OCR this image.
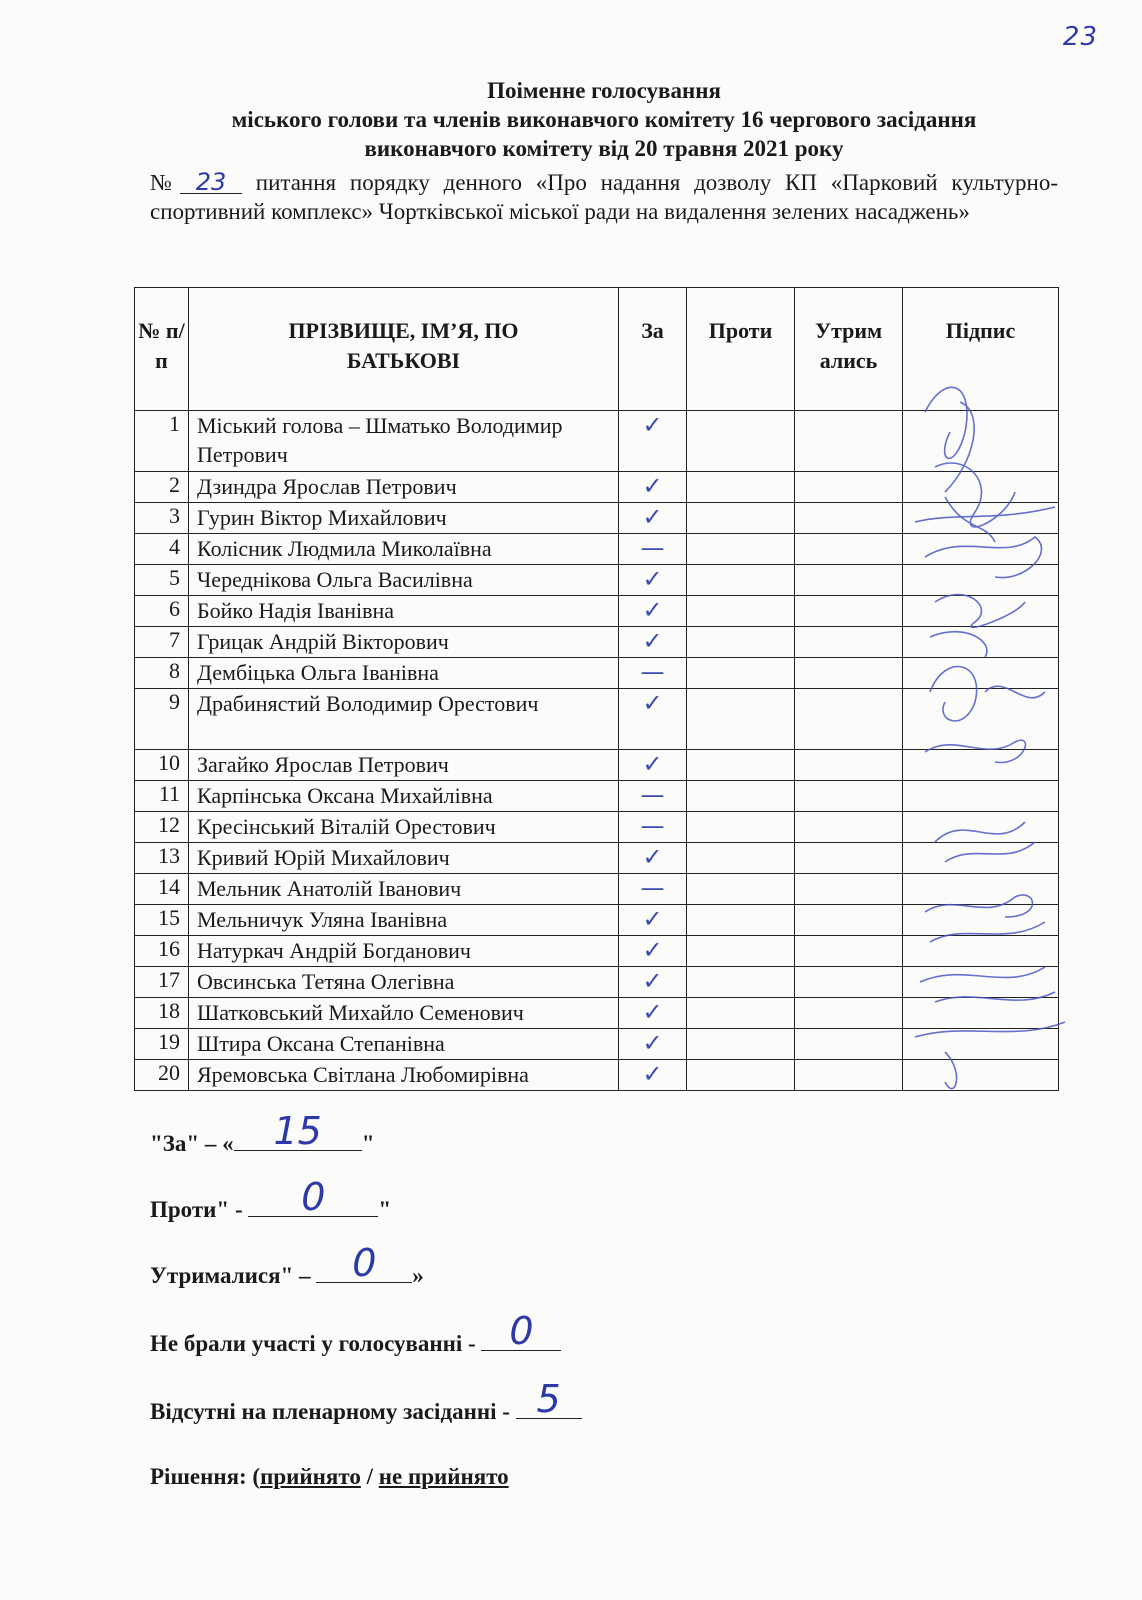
23
Поіменне голосування
міського голови та членів виконавчого комітету 16 чергового засідання
виконавчого комітету від 20 травня 2021 року
№ 23 питання порядку денного «Про надання дозволу КП «Парковий культурно-спортивний комплекс» Чортківської міської ради на видалення зелених насаджень»
№ п/п	ПРІЗВИЩЕ, ІМ’Я, ПО БАТЬКОВІ	За	Проти	Утрим ались	Підпис
1	Міський голова – Шматько Володимир Петрович	✓			
2	Дзиндра Ярослав Петрович	✓			
3	Гурин Віктор Михайлович	✓			
4	Колісник Людмила Миколаївна	—			
5	Череднікова Ольга Василівна	✓			
6	Бойко Надія Іванівна	✓			
7	Грицак Андрій Вікторович	✓			
8	Дембіцька Ольга Іванівна	—			
9	Драбинястий Володимир Орестович	✓			
10	Загайко Ярослав Петрович	✓			
11	Карпінська Оксана Михайлівна	—			
12	Кресінський Віталій Орестович	—			
13	Кривий Юрій Михайлович	✓			
14	Мельник Анатолій Іванович	—			
15	Мельничук Уляна Іванівна	✓			
16	Натуркач Андрій Богданович	✓			
17	Овсинська Тетяна Олегівна	✓			
18	Шатковський Михайло Семенович	✓			
19	Штира Оксана Степанівна	✓			
20	Яремовська Світлана Любомирівна	✓			
"За" – «	15	"
Проти" -	0	"
Утрималися" – 0	»
Не брали участі у голосуванні - 0
Відсутні на пленарному засіданні - 5
Рішення: (прийнято / не прийнято
